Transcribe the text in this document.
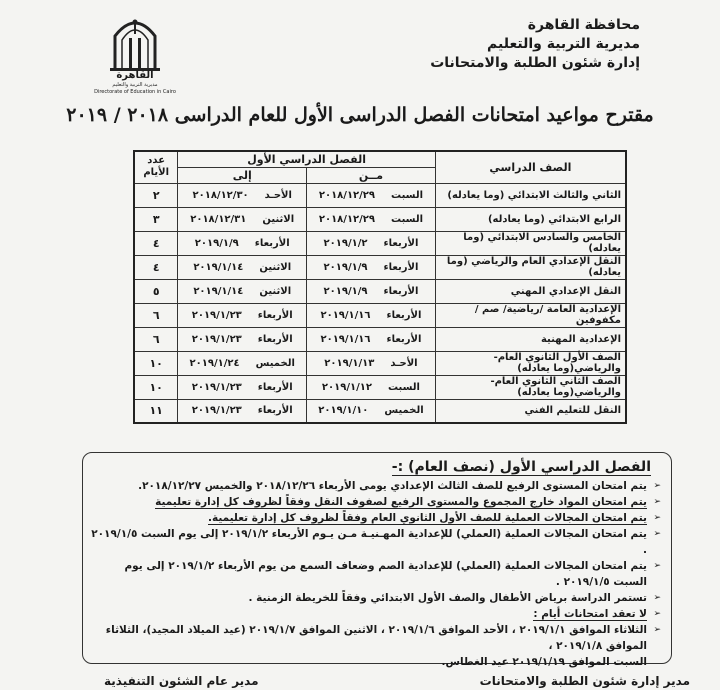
محافظة القاهرة
مديرية التربية والتعليم
إدارة شئون الطلبة والامتحانات
القاهرة
مديرية التربية والتعليم
Directorate of Education in Cairo
مقترح مواعيد امتحانات الفصل الدراسى الأول للعام الدراسى ٢٠١٨ / ٢٠١٩
الصف الدراسي	الفصل الدراسي الأول		عدد الأيام
	مــن	إلى	
الثاني والثالث الابتدائي (وما يعادله)	السبت٢٠١٨/١٢/٢٩	الأحـد٢٠١٨/١٢/٣٠	٢
الرابع الابتدائي (وما يعادله)	السبت٢٠١٨/١٢/٢٩	الاثنين٢٠١٨/١٢/٣١	٣
الخامس والسادس الابتدائي (وما يعادله)	الأربعاء٢٠١٩/١/٢	الأربعاء٢٠١٩/١/٩	٤
النقل الإعدادي العام والرياضي (وما يعادله)	الأربعاء٢٠١٩/١/٩	الاثنين٢٠١٩/١/١٤	٤
النقل الإعدادي المهني	الأربعاء٢٠١٩/١/٩	الاثنين٢٠١٩/١/١٤	٥
الإعدادية العامة /رياضية/ صم / مكفوفين	الأربعاء٢٠١٩/١/١٦	الأربعاء٢٠١٩/١/٢٣	٦
الإعدادية المهنية	الأربعاء٢٠١٩/١/١٦	الأربعاء٢٠١٩/١/٢٣	٦
الصف الأول الثانوي العام- والرياضي(وما يعادله)	الأحـد٢٠١٩/١/١٣	الخميس٢٠١٩/١/٢٤	١٠
الصف الثاني الثانوي العام- والرياضي(وما يعادله)	السبت٢٠١٩/١/١٢	الأربعاء٢٠١٩/١/٢٣	١٠
النقل للتعليم الفني	الخميس٢٠١٩/١/١٠	الأربعاء٢٠١٩/١/٢٣	١١
الفصل الدراسي الأول (نصف العام) :-
➢ يتم امتحان المستوى الرفيع للصف الثالث الإعدادي يومى الأربعاء ٢٠١٨/١٢/٢٦ والخميس ٢٠١٨/١٢/٢٧.
➢ يتم امتحان المواد خارج المجموع والمستوى الرفيع لصفوف النقل وفقاً لظروف كل إدارة تعليمية
➢ يتم امتحان المجالات العملية للصف الأول الثانوي العام وفقاً لظروف كل إدارة تعليمية.
➢ يتم امتحان المجالات العملية (العملي) للإعدادية المهـنيـة مـن يـوم الأربعاء ٢٠١٩/١/٢ إلى يوم السبت ٢٠١٩/١/٥ .
➢ يتم امتحان المجالات العملية (العملي) للإعدادية الصم وضعاف السمع من يوم الأربعاء ٢٠١٩/١/٢ إلى يوم السبت ٢٠١٩/١/٥ .
➢ تستمر الدراسة برياض الأطفال والصف الأول الابتدائي وفقاً للخريطة الزمنية .
➢ لا تعقد امتحانات أيام :
➢ الثلاثاء الموافق ٢٠١٩/١/١ ، الأحد الموافق ٢٠١٩/١/٦ ، الاثنين الموافق ٢٠١٩/١/٧ (عيد الميلاد المجيد)، الثلاثاء الموافق ٢٠١٩/١/٨ ،
السبت الموافق ٢٠١٩/١/١٩ عيد الغطاس.
مدير إدارة شئون الطلبة والامتحانات
مدير عام الشئون التنفيذية
